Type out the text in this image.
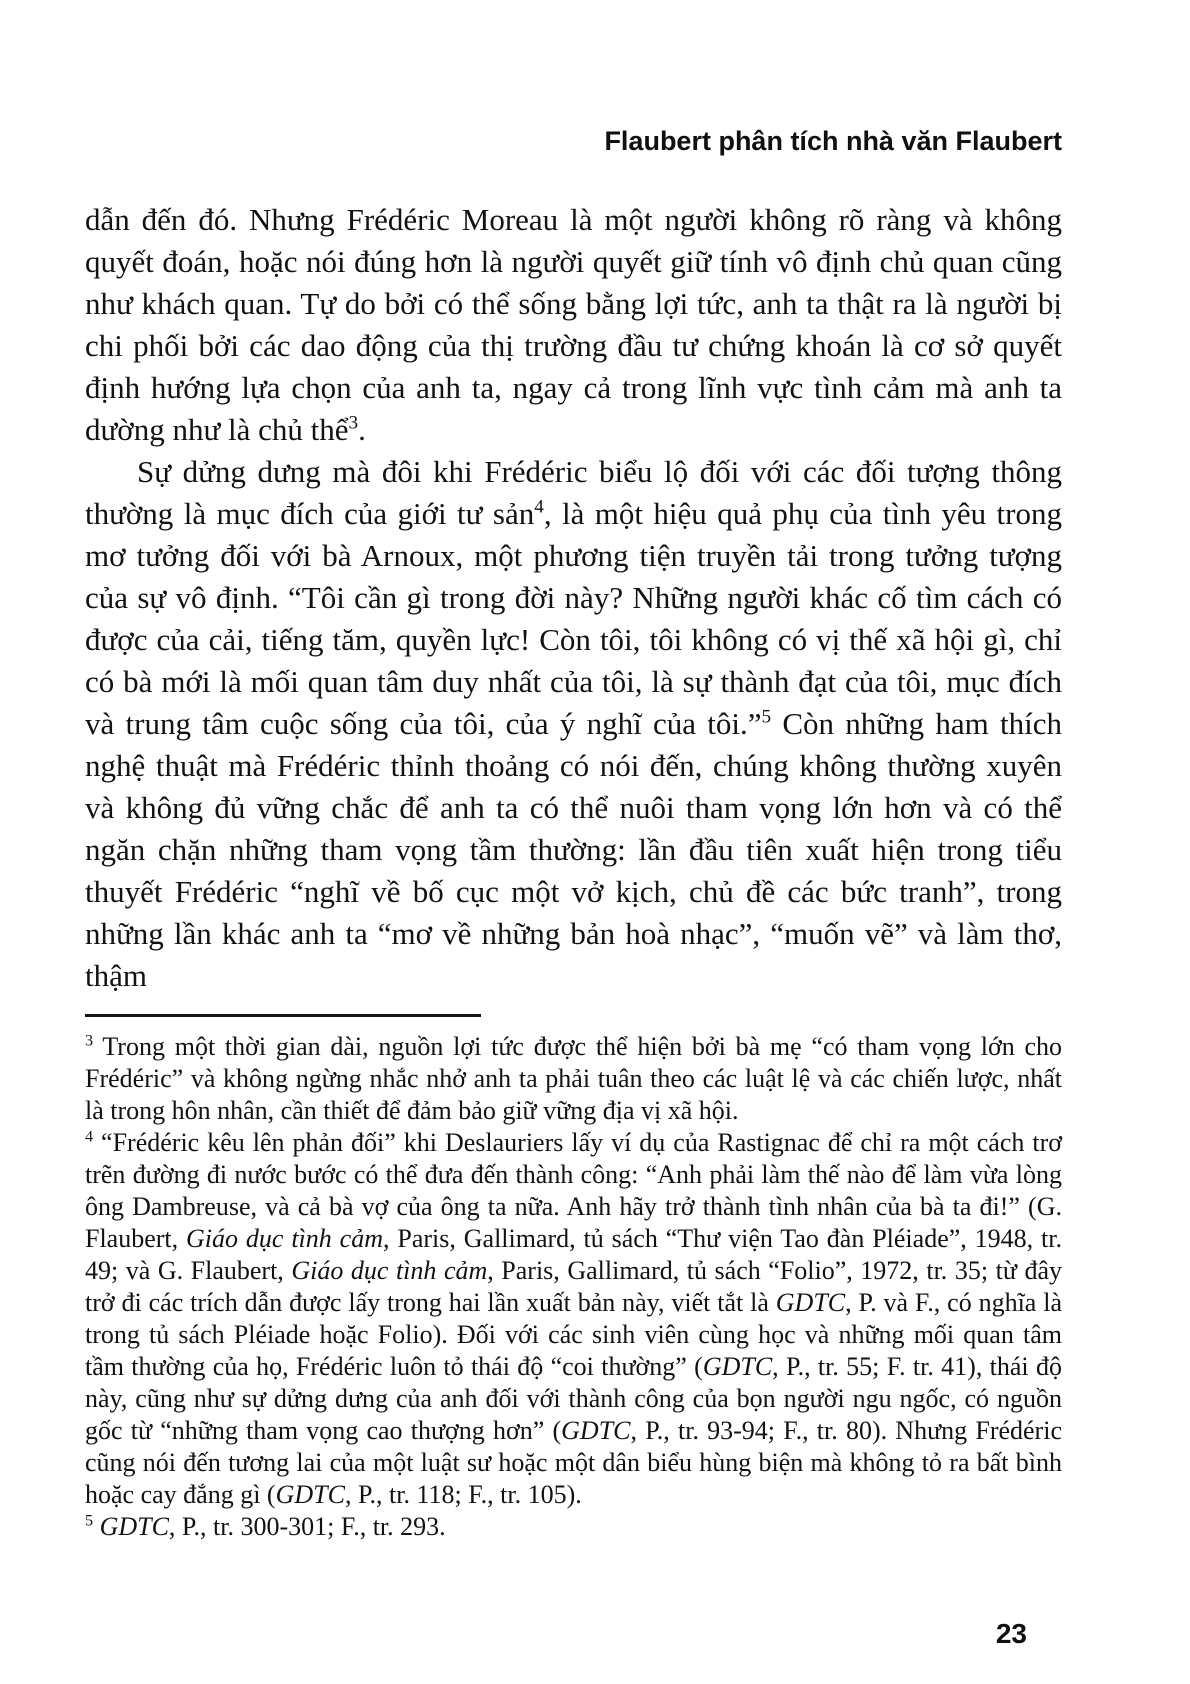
Flaubert phân tích nhà văn Flaubert

dẫn đến đó. Nhưng Frédéric Moreau là một người không rõ ràng và không quyết đoán, hoặc nói đúng hơn là người quyết giữ tính vô định chủ quan cũng như khách quan. Tự do bởi có thể sống bằng lợi tức, anh ta thật ra là người bị chi phối bởi các dao động của thị trường đầu tư chứng khoán là cơ sở quyết định hướng lựa chọn của anh ta, ngay cả trong lĩnh vực tình cảm mà anh ta dường như là chủ thể$^3$.

Sự dửng dưng mà đôi khi Frédéric biểu lộ đối với các đối tượng thông thường là mục đích của giới tư sản$^4$, là một hiệu quả phụ của tình yêu trong mơ tưởng đối với bà Arnoux, một phương tiện truyền tải trong tưởng tượng của sự vô định. “Tôi cần gì trong đời này? Những người khác cố tìm cách có được của cải, tiếng tăm, quyền lực! Còn tôi, tôi không có vị thế xã hội gì, chỉ có bà mới là mối quan tâm duy nhất của tôi, là sự thành đạt của tôi, mục đích và trung tâm cuộc sống của tôi, của ý nghĩ của tôi.”$^5$ Còn những ham thích nghệ thuật mà Frédéric thỉnh thoảng có nói đến, chúng không thường xuyên và không đủ vững chắc để anh ta có thể nuôi tham vọng lớn hơn và có thể ngăn chặn những tham vọng tầm thường: lần đầu tiên xuất hiện trong tiểu thuyết Frédéric “nghĩ về bố cục một vở kịch, chủ đề các bức tranh”, trong những lần khác anh ta “mơ về những bản hoà nhạc”, “muốn vẽ” và làm thơ, thậm

$^3$ Trong một thời gian dài, nguồn lợi tức được thể hiện bởi bà mẹ “có tham vọng lớn cho Frédéric” và không ngừng nhắc nhở anh ta phải tuân theo các luật lệ và các chiến lược, nhất là trong hôn nhân, cần thiết để đảm bảo giữ vững địa vị xã hội.

$^4$ “Frédéric kêu lên phản đối” khi Deslauriers lấy ví dụ của Rastignac để chỉ ra một cách trơ trẽn đường đi nước bước có thể đưa đến thành công: “Anh phải làm thế nào để làm vừa lòng ông Dambreuse, và cả bà vợ của ông ta nữa. Anh hãy trở thành tình nhân của bà ta đi!” (G. Flaubert, Giáo dục tình cảm, Paris, Gallimard, tủ sách “Thư viện Tao đàn Pléiade”, 1948, tr. 49; và G. Flaubert, Giáo dục tình cảm, Paris, Gallimard, tủ sách “Folio”, 1972, tr. 35; từ đây trở đi các trích dẫn được lấy trong hai lần xuất bản này, viết tắt là GDTC, P. và F., có nghĩa là trong tủ sách Pléiade hoặc Folio). Đối với các sinh viên cùng học và những mối quan tâm tầm thường của họ, Frédéric luôn tỏ thái độ “coi thường” (GDTC, P., tr. 55; F. tr. 41), thái độ này, cũng như sự dửng dưng của anh đối với thành công của bọn người ngu ngốc, có nguồn gốc từ “những tham vọng cao thượng hơn” (GDTC, P., tr. 93-94; F., tr. 80). Nhưng Frédéric cũng nói đến tương lai của một luật sư hoặc một dân biểu hùng biện mà không tỏ ra bất bình hoặc cay đắng gì (GDTC, P., tr. 118; F., tr. 105).

$^5$ GDTC, P., tr. 300-301; F., tr. 293.

23
